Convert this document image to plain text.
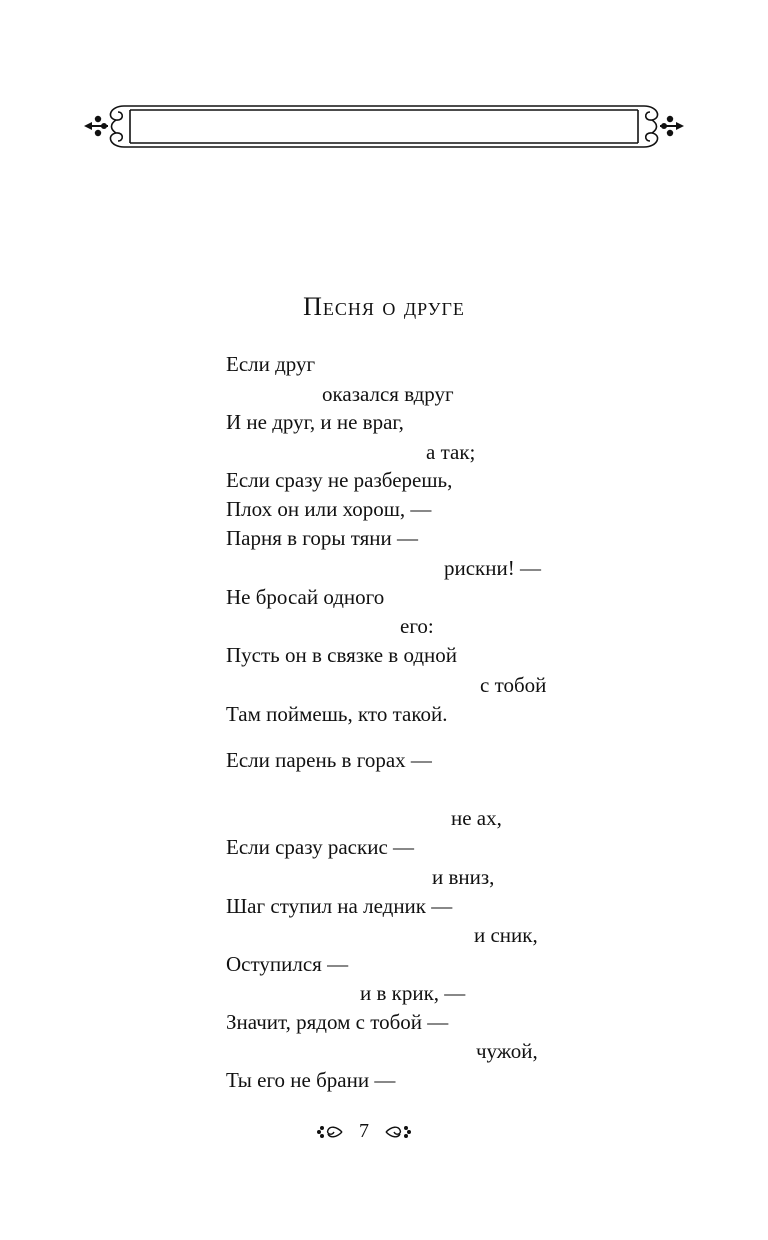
Песня о друге
Если друг
оказался вдруг
И не друг, и не враг,
а так;
Если сразу не разберешь,
Плох он или хорош, —
Парня в горы тяни —
рискни! —
Не бросай одного
его:
Пусть он в связке в одной
с тобой
Там поймешь, кто такой.
Если парень в горах —
не ах,
Если сразу раскис —
и вниз,
Шаг ступил на ледник —
и сник,
Оступился —
и в крик, —
Значит, рядом с тобой —
чужой,
Ты его не брани —
7
